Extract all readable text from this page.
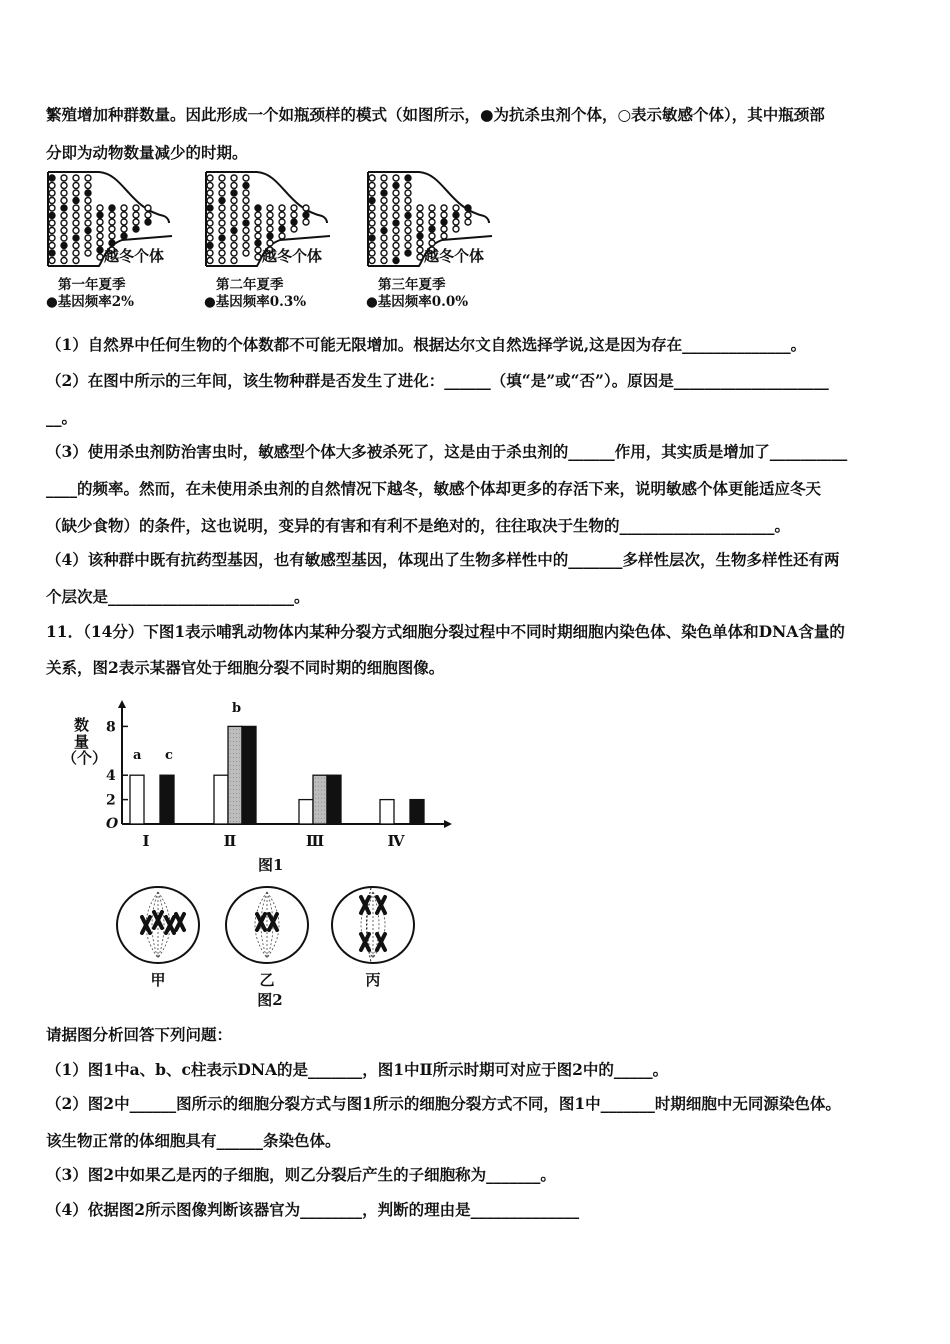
繁殖增加种群数量。因此形成一个如瓶颈样的模式（如图所示，●为抗杀虫剂个体，○表示敏感个体），其中瓶颈部
分即为动物数量减少的时期。
越冬个体
第一年夏季
●基因频率2%
越冬个体
第二年夏季
●基因频率0.3%
越冬个体
第三年夏季
●基因频率0.0%
（1）自然界中任何生物的个体数都不可能无限增加。根据达尔文自然选择学说,这是因为存在______________。
（2）在图中所示的三年间，该生物种群是否发生了进化：______（填“是”或“否”）。原因是____________________
__。
（3）使用杀虫剂防治害虫时，敏感型个体大多被杀死了，这是由于杀虫剂的______作用，其实质是增加了__________
____的频率。然而，在未使用杀虫剂的自然情况下越冬，敏感个体却更多的存活下来，说明敏感个体更能适应冬天
（缺少食物）的条件，这也说明，变异的有害和有利不是绝对的，往往取决于生物的____________________。
（4）该种群中既有抗药型基因，也有敏感型基因，体现出了生物多样性中的_______多样性层次，生物多样性还有两
个层次是________________________。
11．（14分）下图1表示哺乳动物体内某种分裂方式细胞分裂过程中不同时期细胞内染色体、染色单体和DNA含量的
关系，图2表示某器官处于细胞分裂不同时期的细胞图像。
数量（个）
8
4
2
O
Ⅰ	Ⅱ	Ⅲ	Ⅳ
a c
b
图1
甲	乙	丙
图2
请据图分析回答下列问题：
（1）图1中a、b、c柱表示DNA的是_______，图1中Ⅱ所示时期可对应于图2中的_____。
（2）图2中______图所示的细胞分裂方式与图1所示的细胞分裂方式不同，图1中_______时期细胞中无同源染色体。
该生物正常的体细胞具有______条染色体。
（3）图2中如果乙是丙的子细胞，则乙分裂后产生的子细胞称为_______。
（4）依据图2所示图像判断该器官为________，判断的理由是______________
